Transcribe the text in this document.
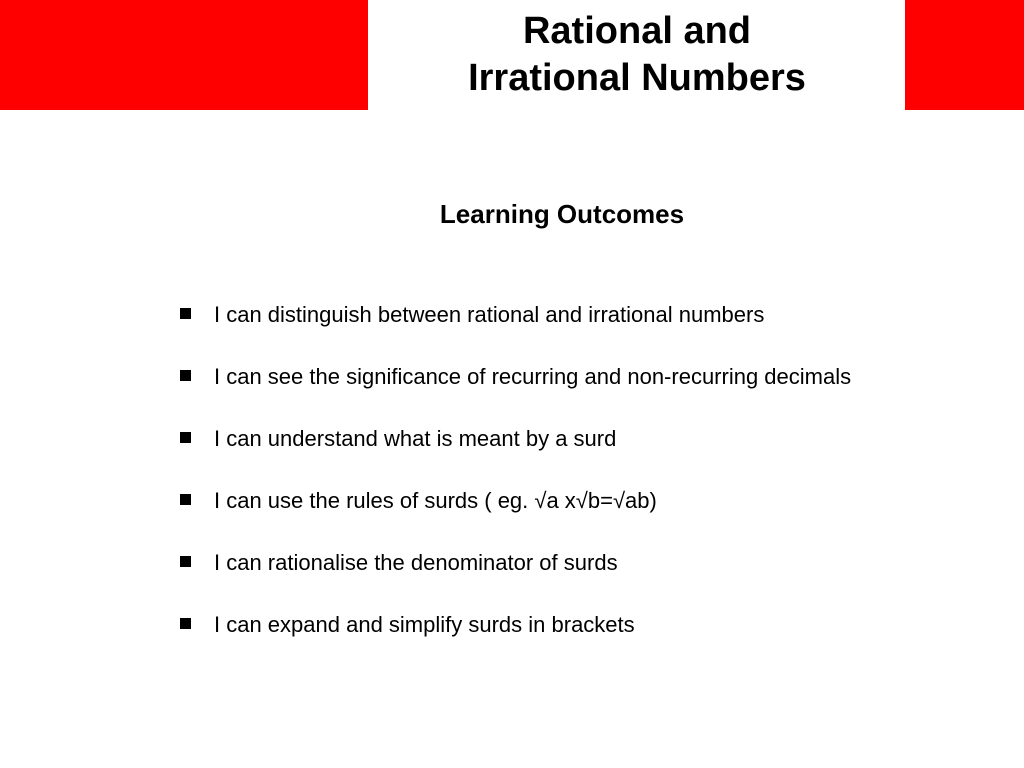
Rational and
Irrational Numbers
Learning Outcomes
I can distinguish between rational and irrational numbers
I can see the significance of recurring and non-recurring decimals
I can understand what is meant by a surd
I can use the rules of surds ( eg. √a x√b=√ab)
I can rationalise the denominator of surds
I can expand and simplify surds in brackets
